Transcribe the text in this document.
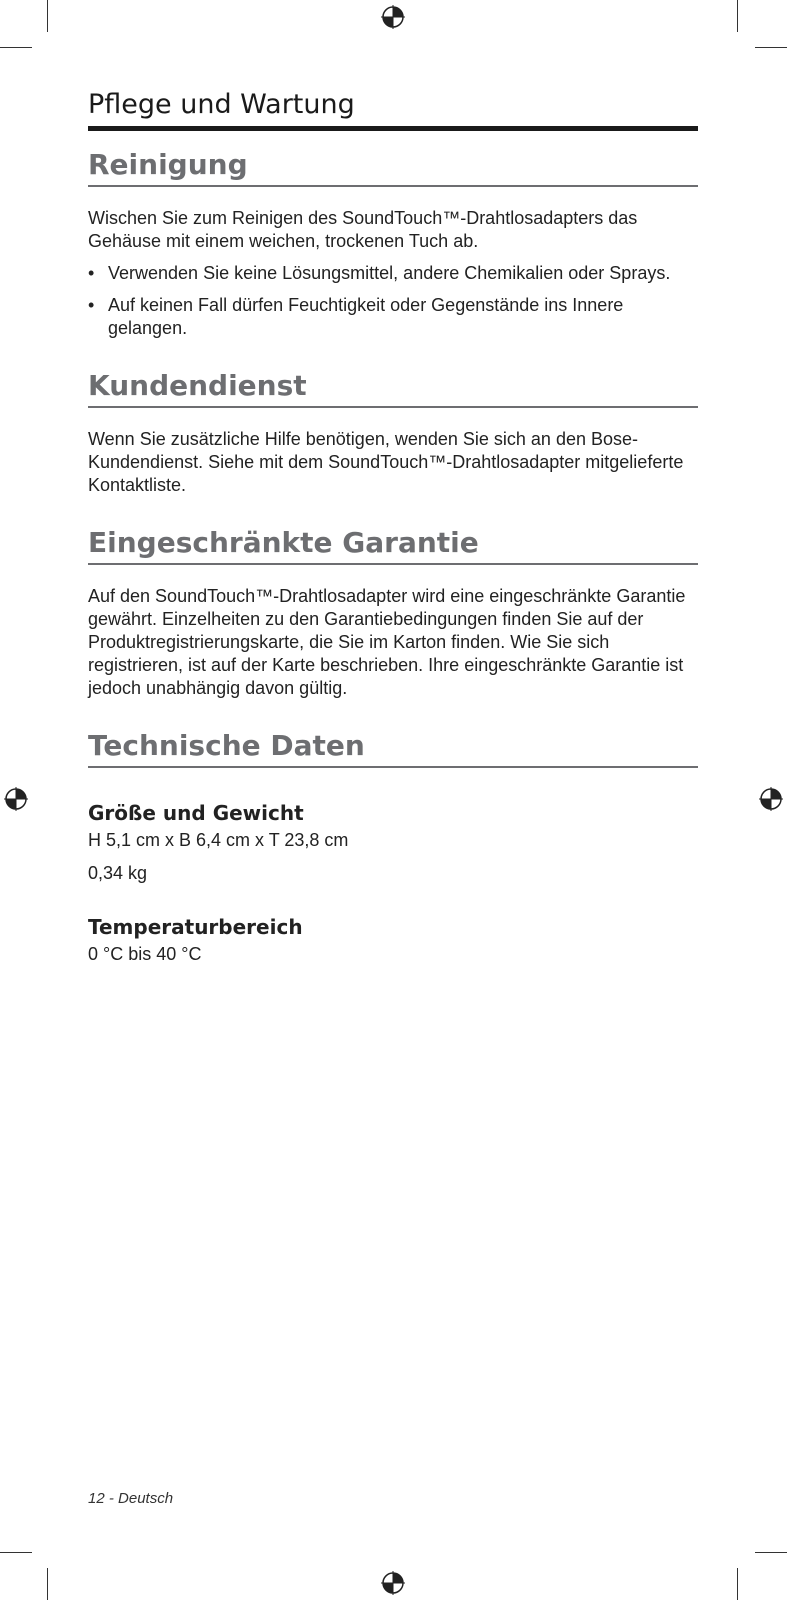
Pflege und Wartung
Reinigung

Wischen Sie zum Reinigen des SoundTouch™-Drahtlosadapters das Gehäuse mit einem weichen, trockenen Tuch ab.

• Verwenden Sie keine Lösungsmittel, andere Chemikalien oder Sprays.
• Auf keinen Fall dürfen Feuchtigkeit oder Gegenstände ins Innere gelangen.
Kundendienst

Wenn Sie zusätzliche Hilfe benötigen, wenden Sie sich an den Bose-Kundendienst. Siehe mit dem SoundTouch™-Drahtlosadapter mitgelieferte Kontaktliste.

Eingeschränkte Garantie

Auf den SoundTouch™-Drahtlosadapter wird eine eingeschränkte Garantie gewährt. Einzelheiten zu den Garantiebedingungen finden Sie auf der Produktregistrierungskarte, die Sie im Karton finden. Wie Sie sich registrieren, ist auf der Karte beschrieben. Ihre eingeschränkte Garantie ist jedoch unabhängig davon gültig.

Technische Daten
Größe und Gewicht

H 5,1 cm x B 6,4 cm x T 23,8 cm

0,34 kg

Temperaturbereich

0 °C bis 40 °C

12 - Deutsch
